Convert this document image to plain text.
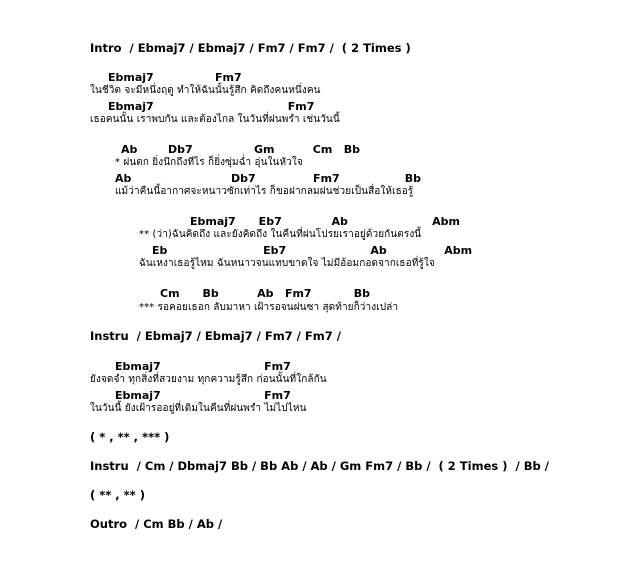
Intro  / Ebmaj7 / Ebmaj7 / Fm7 / Fm7 /  ( 2 Times )
Ebmaj7                Fm7
ในชีวิต จะมีหนึ่งฤดู ทำให้ฉันนั้นรู้สึก คิดถึงคนหนึ่งคน
Ebmaj7                                   Fm7
เธอคนนั้น เราพบกัน และต้องไกล ในวันที่ฝนพรำ เช่นวันนี้
Ab        Db7                Gm          Cm   Bb
* ฝนตก ยิ่งนึกถึงทีไร ก็ยิ่งซุ่มฉ่ำ อุ่นในหัวใจ
Ab                          Db7               Fm7                 Bb
แม้ว่าคืนนี้อากาศจะหนาวซักเท่าไร ก็ขอฝากลมฝนช่วยเป็นสื่อให้เธอรู้
Ebmaj7      Eb7             Ab                      Abm
** (ว่า)ฉันคิดถึง และยังคิดถึง ในคืนที่ฝนโปรยเราอยู่ด้วยกันตรงนี้
Eb                         Eb7                      Ab               Abm
ฉันเหงาเธอรู้ไหม ฉันหนาวจนแทบขาดใจ ไม่มีอ้อมกอดจากเธอที่รู้ใจ
Cm      Bb          Ab   Fm7           Bb
*** รอคอยเธอก ลับมาหา เฝ้ารอจนฝนซา สุดท้ายก็ว่างเปล่า
Instru  / Ebmaj7 / Ebmaj7 / Fm7 / Fm7 /
Ebmaj7                           Fm7
ยังจดจำ ทุกสิ่งที่สวยงาม ทุกความรู้สึก ก่อนนั้นที่ใกล้กัน
Ebmaj7                           Fm7
ในวันนี้ ยังเฝ้ารออยู่ที่เดิมในคืนที่ฝนพรำ ไม่ไปไหน
( * , ** , *** )
Instru  / Cm / Dbmaj7 Bb / Bb Ab / Ab / Gm Fm7 / Bb /  ( 2 Times )  / Bb /
( ** , ** )
Outro  / Cm Bb / Ab /
